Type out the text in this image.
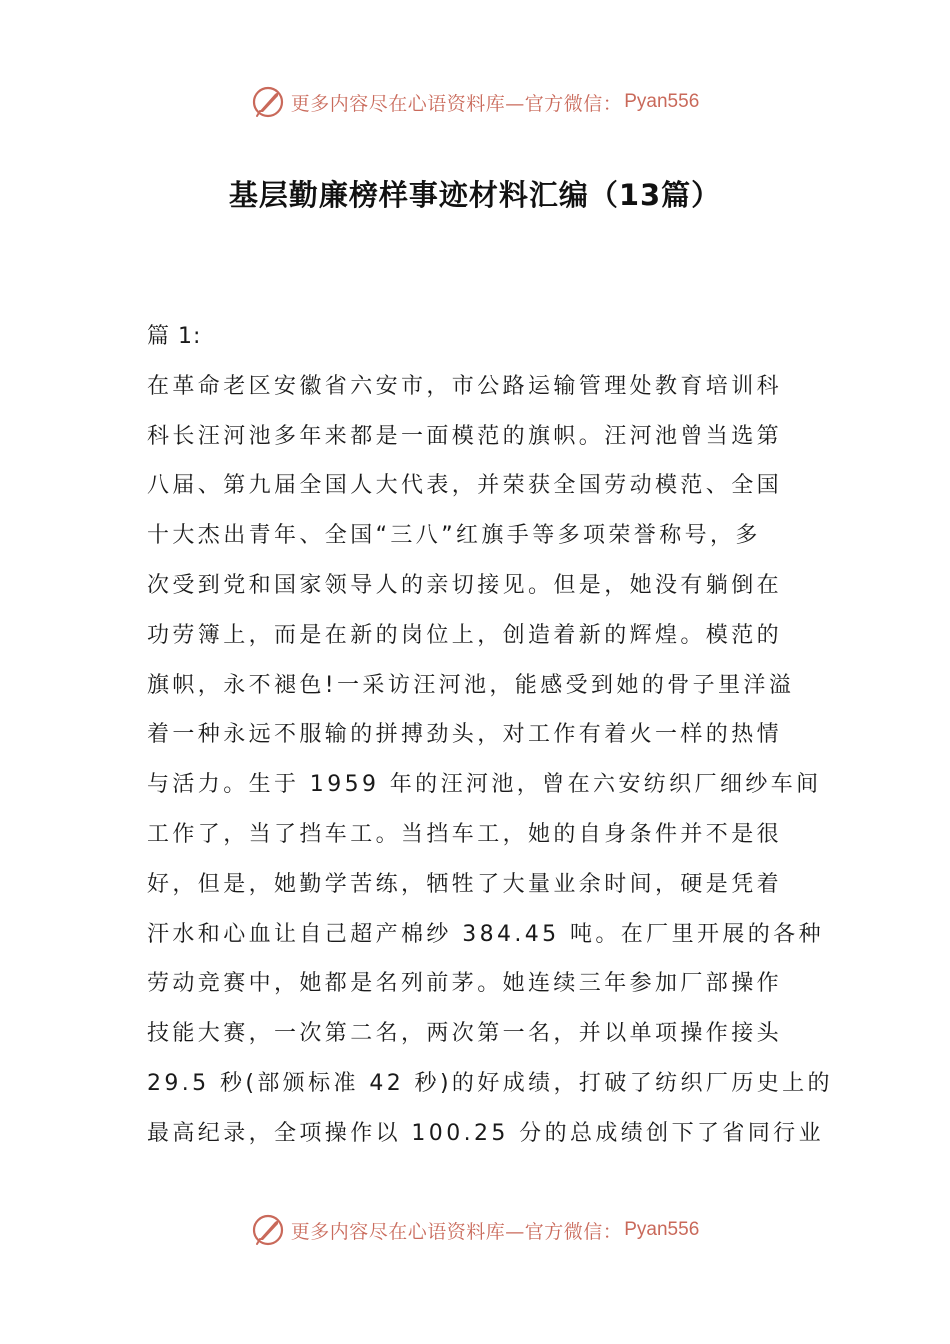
更多内容尽在心语资料库—官方微信： Pyan556
基层勤廉榜样事迹材料汇编（13篇）
篇 1:
在革命老区安徽省六安市，市公路运输管理处教育培训科
科长汪河池多年来都是一面模范的旗帜。汪河池曾当选第
八届、第九届全国人大代表，并荣获全国劳动模范、全国
十大杰出青年、全国“三八”红旗手等多项荣誉称号，多
次受到党和国家领导人的亲切接见。但是，她没有躺倒在
功劳簿上，而是在新的岗位上，创造着新的辉煌。模范的
旗帜，永不褪色!一采访汪河池，能感受到她的骨子里洋溢
着一种永远不服输的拼搏劲头，对工作有着火一样的热情
与活力。生于 1959 年的汪河池，曾在六安纺织厂细纱车间
工作了，当了挡车工。当挡车工，她的自身条件并不是很
好，但是，她勤学苦练，牺牲了大量业余时间，硬是凭着
汗水和心血让自己超产棉纱 384.45 吨。在厂里开展的各种
劳动竞赛中，她都是名列前茅。她连续三年参加厂部操作
技能大赛，一次第二名，两次第一名，并以单项操作接头
29.5 秒(部颁标准 42 秒)的好成绩，打破了纺织厂历史上的
最高纪录，全项操作以 100.25 分的总成绩创下了省同行业
更多内容尽在心语资料库—官方微信： Pyan556
